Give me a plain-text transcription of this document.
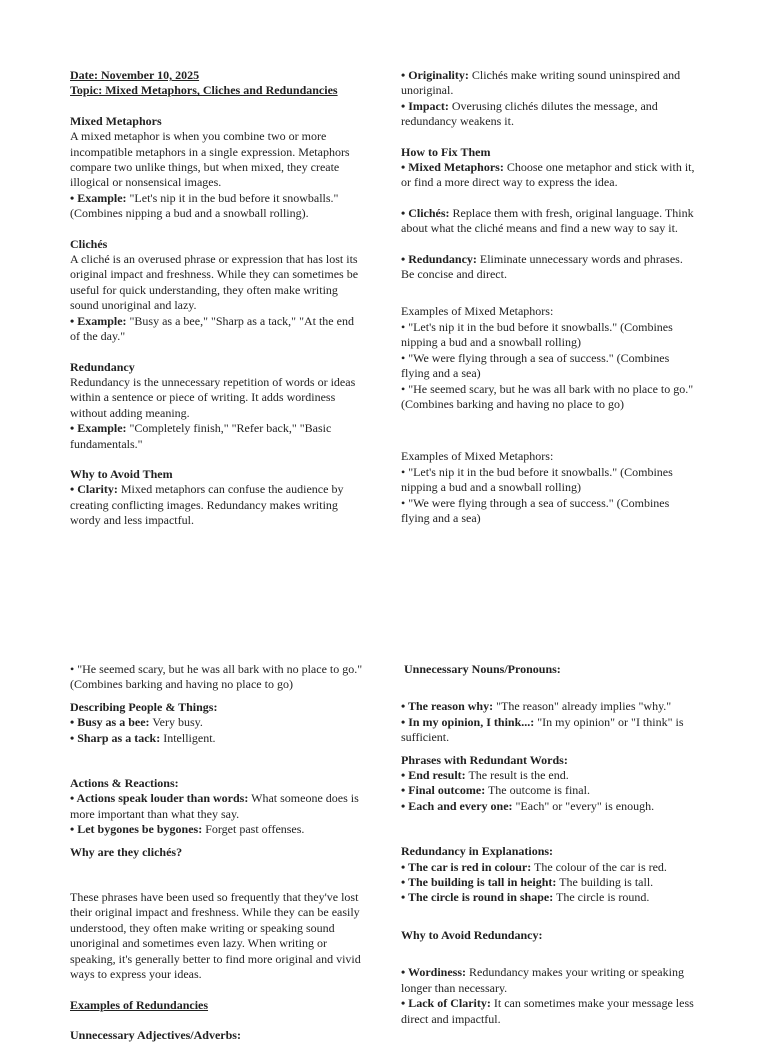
Date: November 10, 2025

Topic: Mixed Metaphors, Cliches and Redundancies

Mixed Metaphors

A mixed metaphor is when you combine two or more incompatible metaphors in a single expression. Metaphors compare two unlike things, but when mixed, they create illogical or nonsensical images.

• Example: "Let's nip it in the bud before it snowballs." (Combines nipping a bud and a snowball rolling).

Clichés

A cliché is an overused phrase or expression that has lost its original impact and freshness. While they can sometimes be useful for quick understanding, they often make writing sound unoriginal and lazy.

• Example: "Busy as a bee," "Sharp as a tack," "At the end of the day."

Redundancy

Redundancy is the unnecessary repetition of words or ideas within a sentence or piece of writing. It adds wordiness without adding meaning.

• Example: "Completely finish," "Refer back," "Basic fundamentals."

Why to Avoid Them

• Clarity: Mixed metaphors can confuse the audience by creating conflicting images. Redundancy makes writing wordy and less impactful.

• Originality: Clichés make writing sound uninspired and unoriginal.

• Impact: Overusing clichés dilutes the message, and redundancy weakens it.

How to Fix Them

• Mixed Metaphors: Choose one metaphor and stick with it, or find a more direct way to express the idea.

• Clichés: Replace them with fresh, original language. Think about what the cliché means and find a new way to say it.

• Redundancy: Eliminate unnecessary words and phrases. Be concise and direct.

Examples of Mixed Metaphors:

• "Let's nip it in the bud before it snowballs." (Combines nipping a bud and a snowball rolling)

• "We were flying through a sea of success." (Combines flying and a sea)

• "He seemed scary, but he was all bark with no place to go." (Combines barking and having no place to go)

Examples of Mixed Metaphors:

• "Let's nip it in the bud before it snowballs." (Combines nipping a bud and a snowball rolling)

• "We were flying through a sea of success." (Combines flying and a sea)

• "He seemed scary, but he was all bark with no place to go." (Combines barking and having no place to go)

Describing People & Things:

• Busy as a bee: Very busy.

• Sharp as a tack: Intelligent.

Actions & Reactions:

• Actions speak louder than words: What someone does is more important than what they say.

• Let bygones be bygones: Forget past offenses.

Why are they clichés?

These phrases have been used so frequently that they've lost their original impact and freshness. While they can be easily understood, they often make writing or speaking sound unoriginal and sometimes even lazy. When writing or speaking, it's generally better to find more original and vivid ways to express your ideas.

Examples of Redundancies

Unnecessary Adjectives/Adverbs:

Unnecessary Nouns/Pronouns:

• The reason why: "The reason" already implies "why."

• In my opinion, I think...: "In my opinion" or "I think" is sufficient.

Phrases with Redundant Words:

• End result: The result is the end.

• Final outcome: The outcome is final.

• Each and every one: "Each" or "every" is enough.

Redundancy in Explanations:

• The car is red in colour: The colour of the car is red.

• The building is tall in height: The building is tall.

• The circle is round in shape: The circle is round.

Why to Avoid Redundancy:

• Wordiness: Redundancy makes your writing or speaking longer than necessary.

• Lack of Clarity: It can sometimes make your message less direct and impactful.
